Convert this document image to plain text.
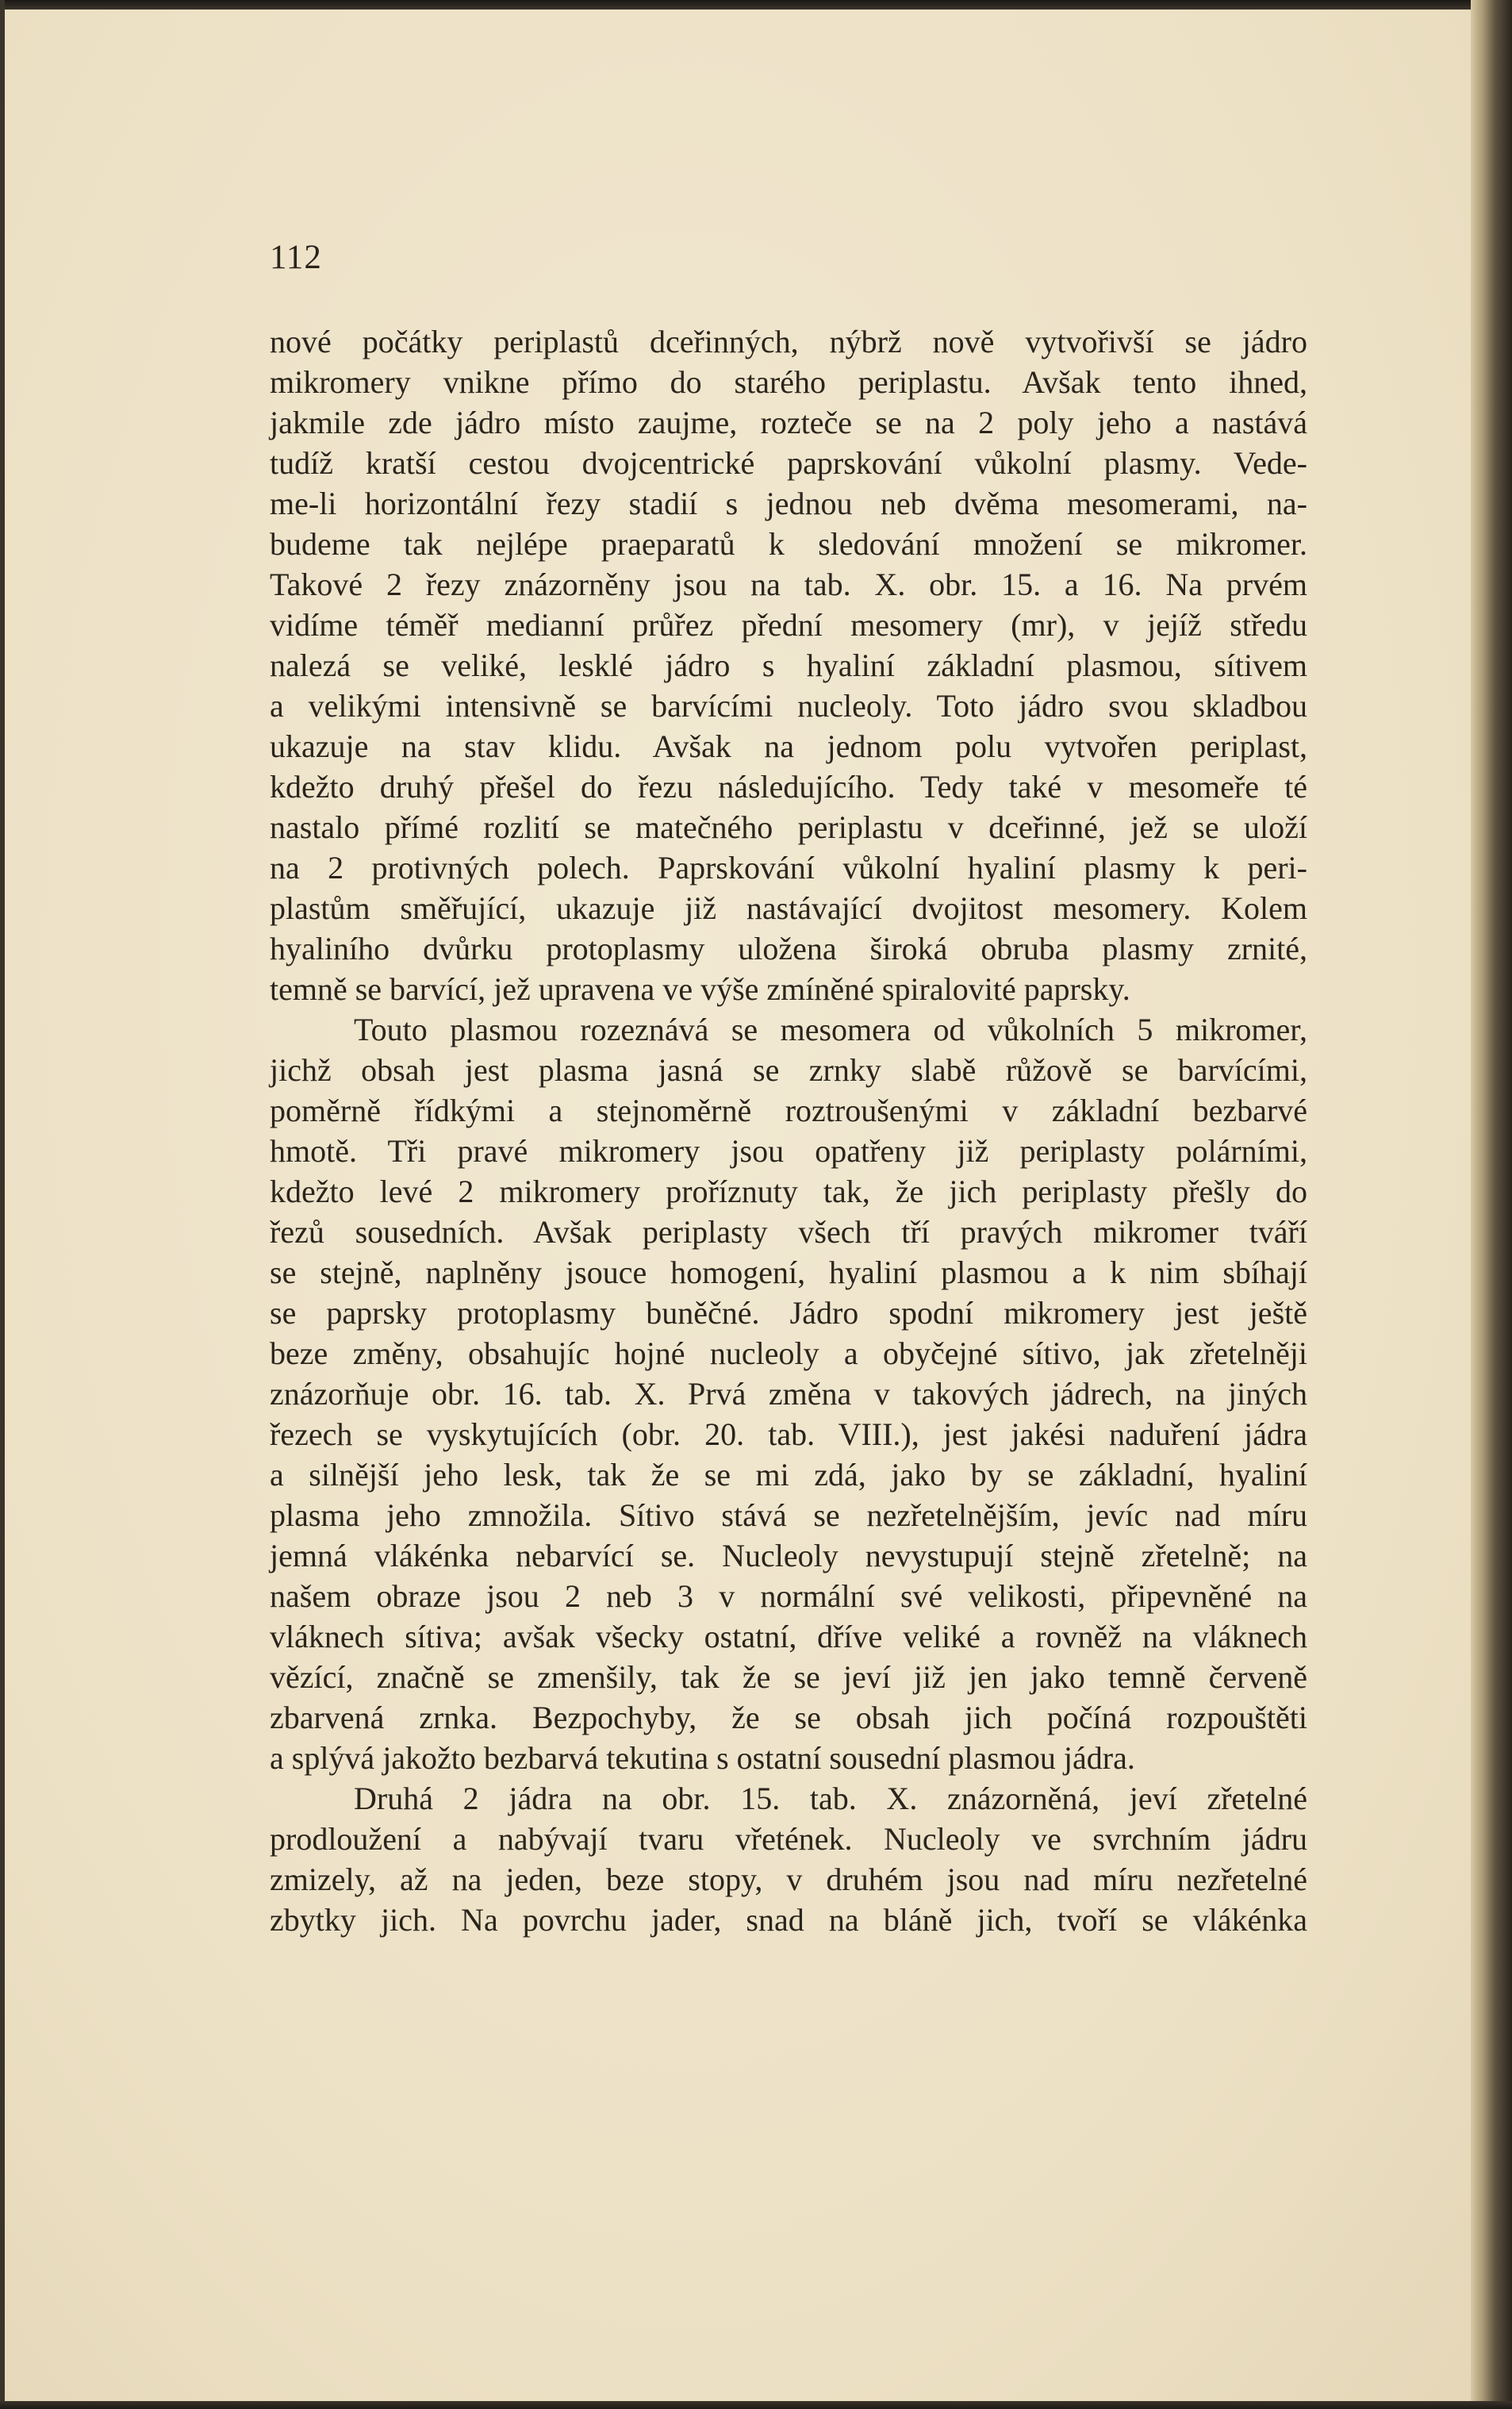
112
nové počátky periplastů dceřinných, nýbrž nově vytvořivší se jádro
mikromery vnikne přímo do starého periplastu. Avšak tento ihned,
jakmile zde jádro místo zaujme, roztečе se na 2 poly jeho a nastává
tudíž kratší cestou dvojcentrické paprskování vůkolní plasmy. Vede-
me-li horizontální řezy stadií s jednou neb dvěma mesomerami, na-
budeme tak nejlépe praeparatů k sledování množení se mikromer.
Takové 2 řezy znázorněny jsou na tab. X. obr. 15. a 16. Na prvém
vidíme téměř medianní průřez přední mesomery (mr), v jejíž středu
nalezá se veliké, lesklé jádro s hyaliní základní plasmou, sítivem
a velikými intensivně se barvícími nucleoly. Toto jádro svou skladbou
ukazuje na stav klidu. Avšak na jednom polu vytvořen periplast,
kdežto druhý přešel do řezu následujícího. Tedy také v mesomeře té
nastalo přímé rozlití se matečného periplastu v dceřinné, jež se uloží
na 2 protivných polech. Paprskování vůkolní hyaliní plasmy k peri-
plastům směřující, ukazuje již nastávající dvojitost mesomery. Kolem
hyaliního dvůrku protoplasmy uložena široká obruba plasmy zrnité,
temně se barvící, jež upravena ve výše zmíněné spiralovité paprsky.
Touto plasmou rozeznává se mesomera od vůkolních 5 mikromer,
jichž obsah jest plasma jasná se zrnky slabě růžově se barvícími,
poměrně řídkými a stejnoměrně roztroušenými v základní bezbarvé
hmotě. Tři pravé mikromery jsou opatřeny již periplasty polárními,
kdežto levé 2 mikromery proříznuty tak, že jich periplasty přešly do
řezů sousedních. Avšak periplasty všech tří pravých mikromer tváří
se stejně, naplněny jsouce homogení, hyaliní plasmou a k nim sbíhají
se paprsky protoplasmy buněčné. Jádro spodní mikromery jest ještě
beze změny, obsahujíc hojné nucleoly a obyčejné sítivo, jak zřetelněji
znázorňuje obr. 16. tab. X. Prvá změna v takových jádrech, na jiných
řezech se vyskytujících (obr. 20. tab. VIII.), jest jakési naduření jádra
a silnější jeho lesk, tak že se mi zdá, jako by se základní, hyaliní
plasma jeho zmnožila. Sítivo stává se nezřetelnějším, jevíc nad míru
jemná vlákénka nebarvící se. Nucleoly nevystupují stejně zřetelně; na
našem obraze jsou 2 neb 3 v normální své velikosti, připevněné na
vláknech sítiva; avšak všecky ostatní, dříve veliké a rovněž na vláknech
vězící, značně se zmenšily, tak že se jeví již jen jako temně červeně
zbarvená zrnka. Bezpochyby, že se obsah jich počíná rozpouštěti
a splývá jakožto bezbarvá tekutina s ostatní sousední plasmou jádra.
Druhá 2 jádra na obr. 15. tab. X. znázorněná, jeví zřetelné
prodloužení a nabývají tvaru vřetének. Nucleoly ve svrchním jádru
zmizely, až na jeden, beze stopy, v druhém jsou nad míru nezřetelné
zbytky jich. Na povrchu jader, snad na bláně jich, tvoří se vlákénka
